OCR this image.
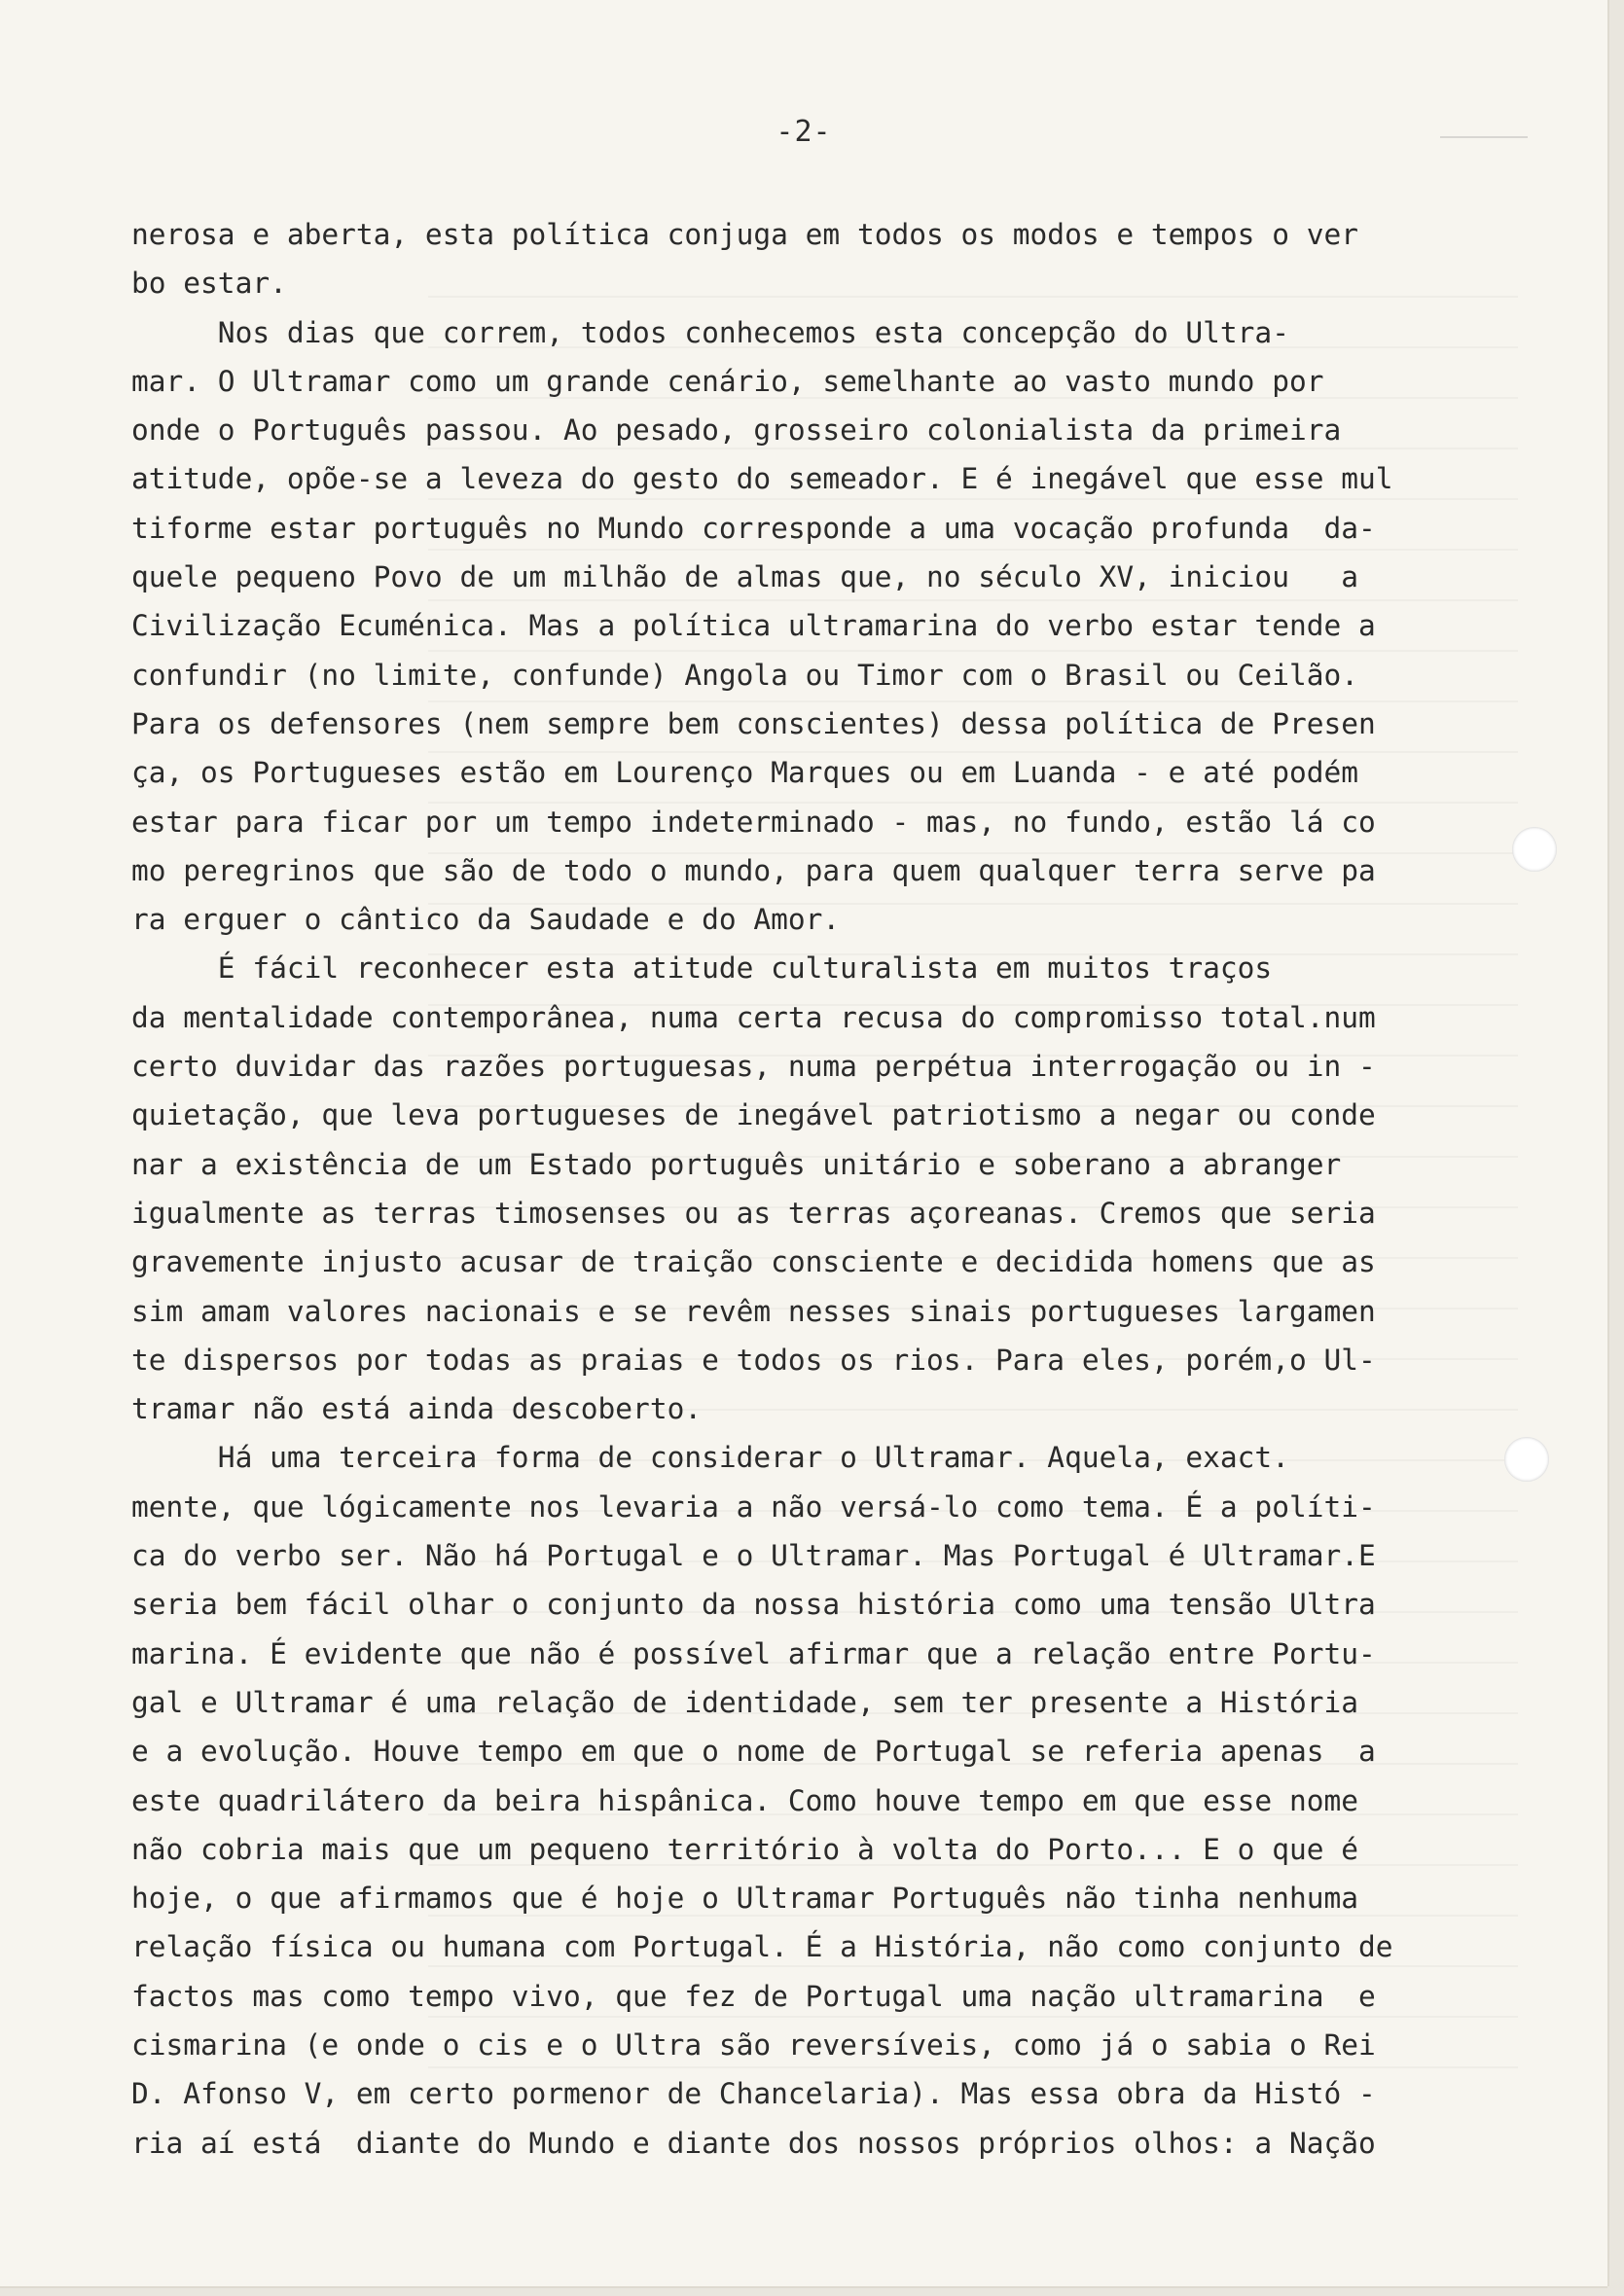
-2-
nerosa e aberta, esta política conjuga em todos os modos e tempos o ver
bo estar.
Nos dias que correm, todos conhecemos esta concepção do Ultra-
mar. O Ultramar como um grande cenário, semelhante ao vasto mundo por
onde o Português passou. Ao pesado, grosseiro colonialista da primeira
atitude, opõe-se a leveza do gesto do semeador. E é inegável que esse mul
tiforme estar português no Mundo corresponde a uma vocação profunda  da-
quele pequeno Povo de um milhão de almas que, no século XV, iniciou   a
Civilização Ecuménica. Mas a política ultramarina do verbo estar tende a
confundir (no limite, confunde) Angola ou Timor com o Brasil ou Ceilão.
Para os defensores (nem sempre bem conscientes) dessa política de Presen
ça, os Portugueses estão em Lourenço Marques ou em Luanda - e até podém
estar para ficar por um tempo indeterminado - mas, no fundo, estão lá co
mo peregrinos que são de todo o mundo, para quem qualquer terra serve pa
ra erguer o cântico da Saudade e do Amor.
É fácil reconhecer esta atitude culturalista em muitos traços
da mentalidade contemporânea, numa certa recusa do compromisso total.num
certo duvidar das razões portuguesas, numa perpétua interrogação ou in -
quietação, que leva portugueses de inegável patriotismo a negar ou conde
nar a existência de um Estado português unitário e soberano a abranger
igualmente as terras timosenses ou as terras açoreanas. Cremos que seria
gravemente injusto acusar de traição consciente e decidida homens que as
sim amam valores nacionais e se revêm nesses sinais portugueses largamen
te dispersos por todas as praias e todos os rios. Para eles, porém,o Ul-
tramar não está ainda descoberto.
Há uma terceira forma de considerar o Ultramar. Aquela, exact.
mente, que lógicamente nos levaria a não versá-lo como tema. É a políti-
ca do verbo ser. Não há Portugal e o Ultramar. Mas Portugal é Ultramar.E
seria bem fácil olhar o conjunto da nossa história como uma tensão Ultra
marina. É evidente que não é possível afirmar que a relação entre Portu-
gal e Ultramar é uma relação de identidade, sem ter presente a História
e a evolução. Houve tempo em que o nome de Portugal se referia apenas  a
este quadrilátero da beira hispânica. Como houve tempo em que esse nome
não cobria mais que um pequeno território à volta do Porto... E o que é
hoje, o que afirmamos que é hoje o Ultramar Português não tinha nenhuma
relação física ou humana com Portugal. É a História, não como conjunto de
factos mas como tempo vivo, que fez de Portugal uma nação ultramarina  e
cismarina (e onde o cis e o Ultra são reversíveis, como já o sabia o Rei
D. Afonso V, em certo pormenor de Chancelaria). Mas essa obra da Histó -
ria aí está  diante do Mundo e diante dos nossos próprios olhos: a Nação
